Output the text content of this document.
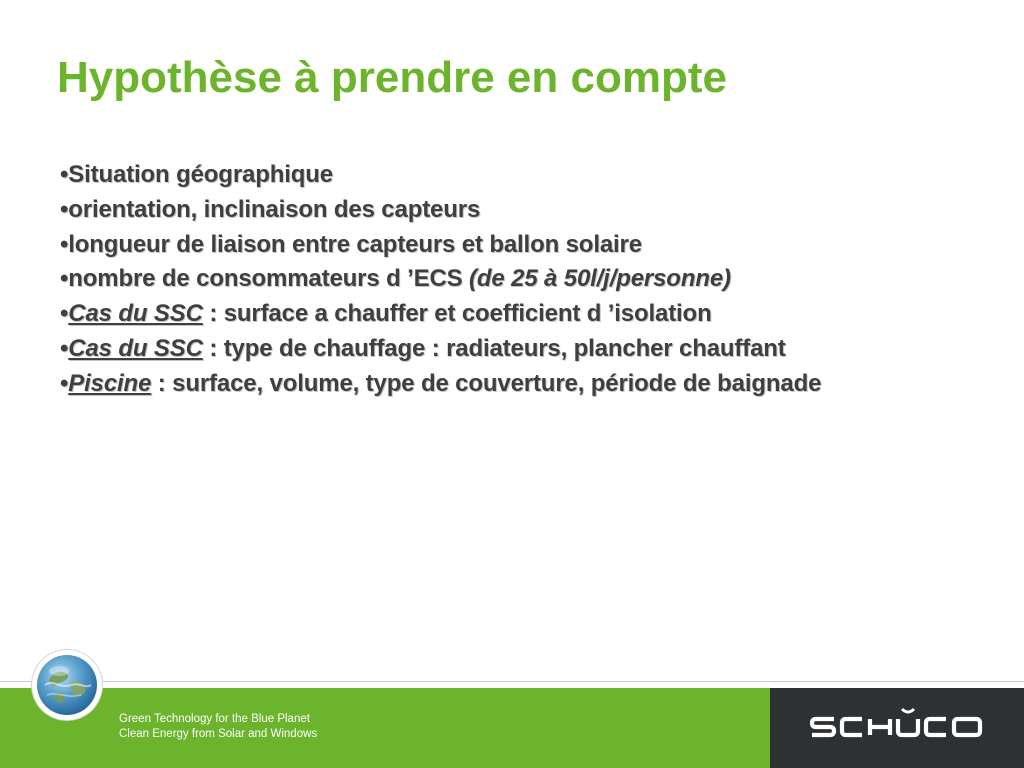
Hypothèse à prendre en compte
•Situation géographique
•orientation, inclinaison des capteurs
•longueur de liaison entre capteurs et ballon solaire
•nombre de consommateurs d ’ECS (de 25 à 50l/j/personne)
•Cas du SSC : surface a chauffer et coefficient d ’isolation
•Cas du SSC : type de chauffage : radiateurs, plancher chauffant
•Piscine : surface, volume, type de couverture, période de baignade
Green Technology for the Blue Planet
Clean Energy from Solar and Windows
